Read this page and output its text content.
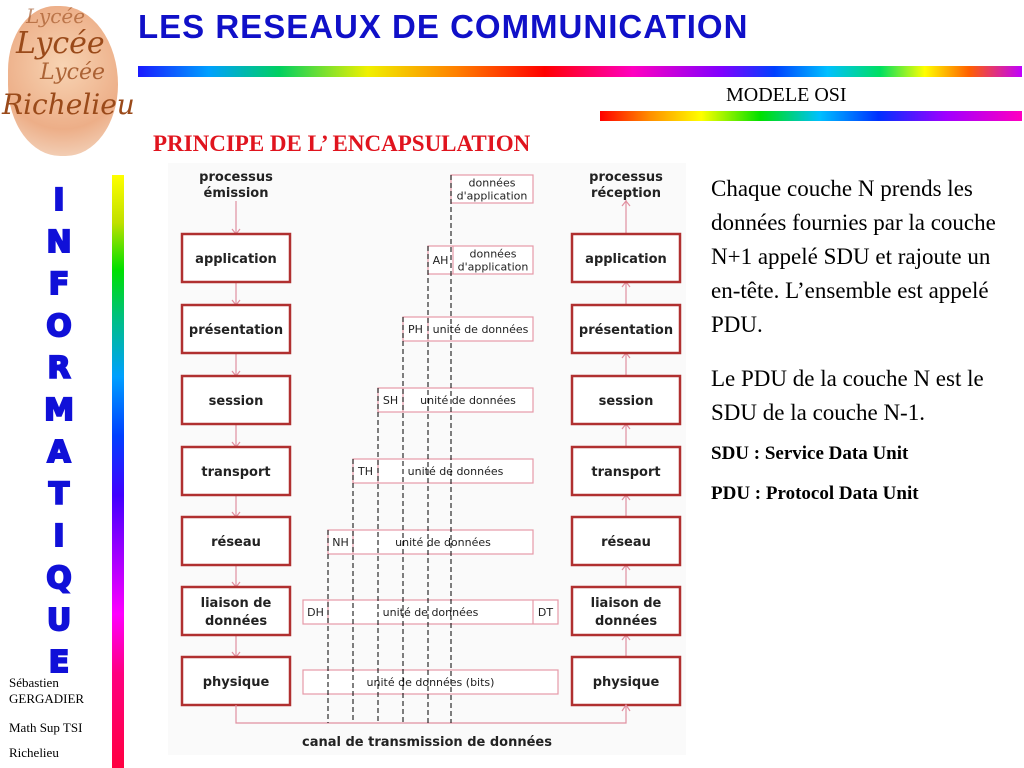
LES RESEAUX DE COMMUNICATION
MODELE OSI
PRINCIPE DE L’ ENCAPSULATION
Lycée
Lycée
Lycée
Richelieu
I
N
F
O
R
M
A
T
I
Q
U
E
Sébastien GERGADIER
Math Sup TSI
Richelieu
processus
émission
processus
réception
application	application
présentation	présentation
session	session
transport	transport
réseau	réseau
liaison de
données
liaison de
données
physique	physique
canal de transmission de données
données
d'application
AH données
d'application
PH unité de données
SH unité de données
TH	unité de données
NH	unité de données
DH	DT
unité de données
unité de données (bits)

Chaque couche N prends les données fournies par la couche N+1 appelé SDU et rajoute un en-tête. L’ensemble est appelé PDU.

Le PDU de la couche N est le SDU de la couche N-1.

SDU : Service Data Unit

PDU : Protocol Data Unit
